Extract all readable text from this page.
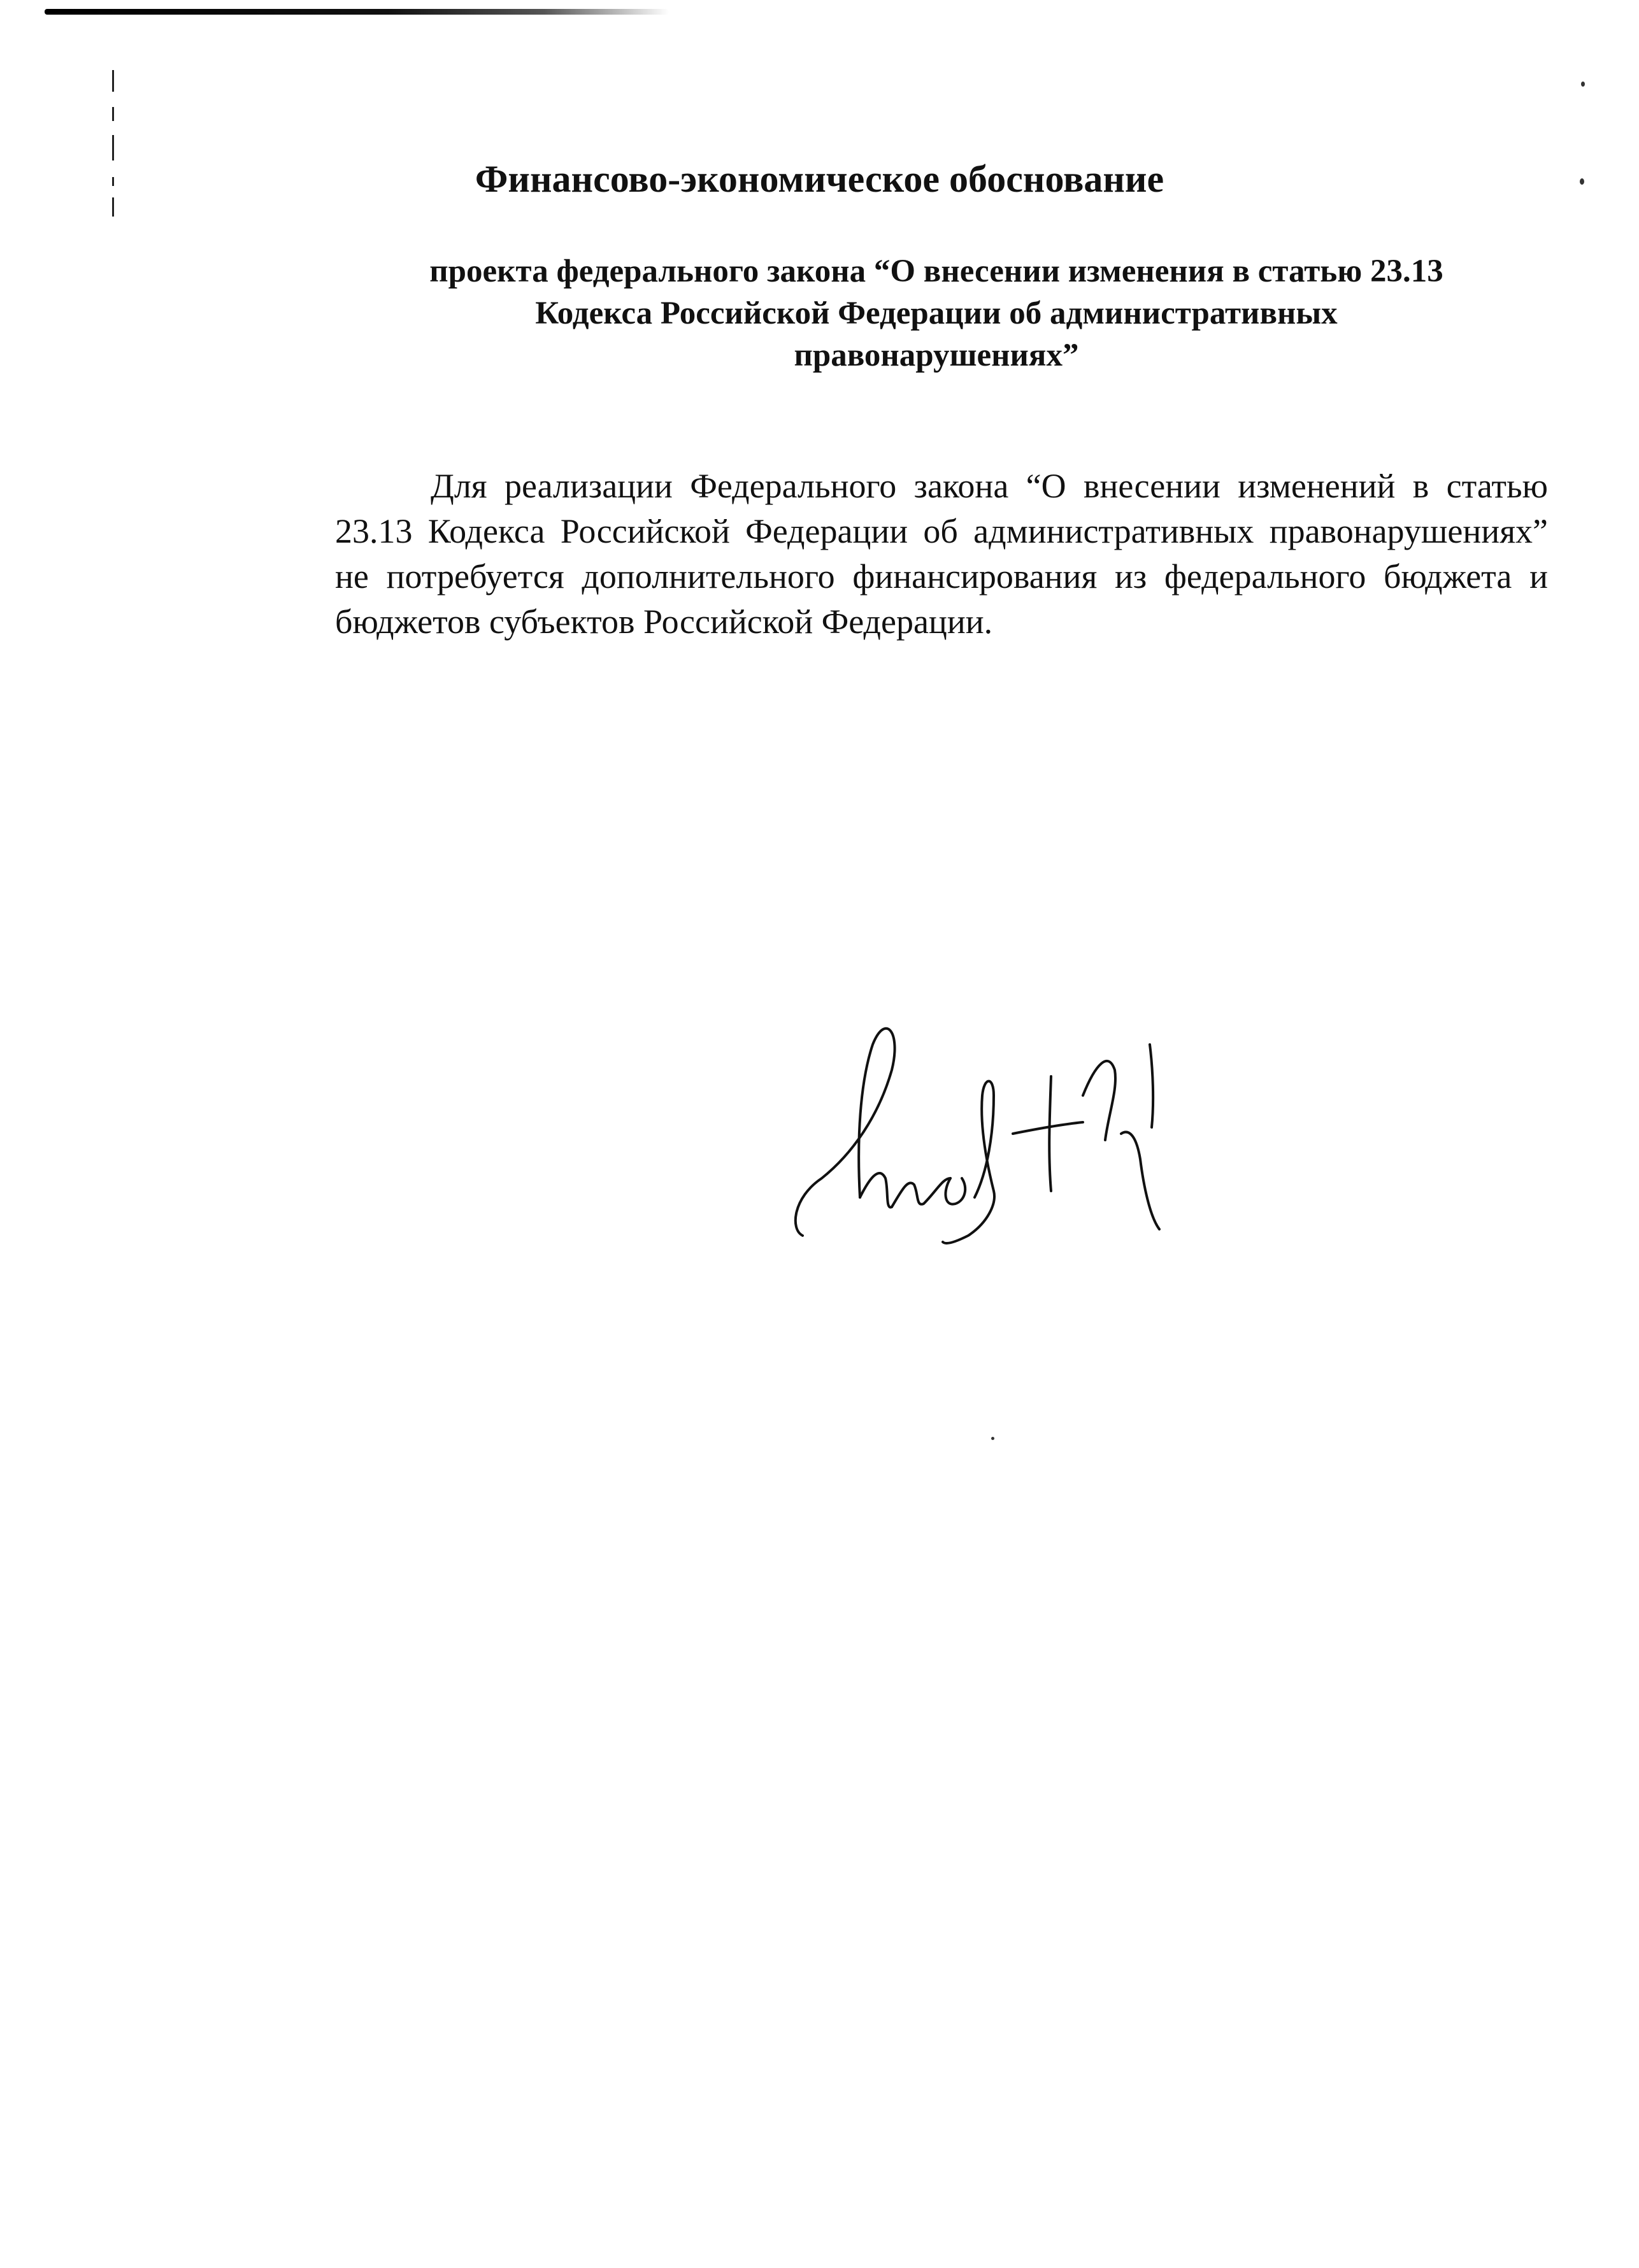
Финансово-экономическое обоснование
проекта федерального закона “О внесении изменения в статью 23.13
Кодекса Российской Федерации об административных
правонарушениях”
Для реализации Федерального закона “О внесении изменений в статью 23.13 Кодекса Российской Федерации об административных правонарушениях” не потребуется дополнительного финансирования из федерального бюджета и бюджетов субъектов Российской Федерации.
